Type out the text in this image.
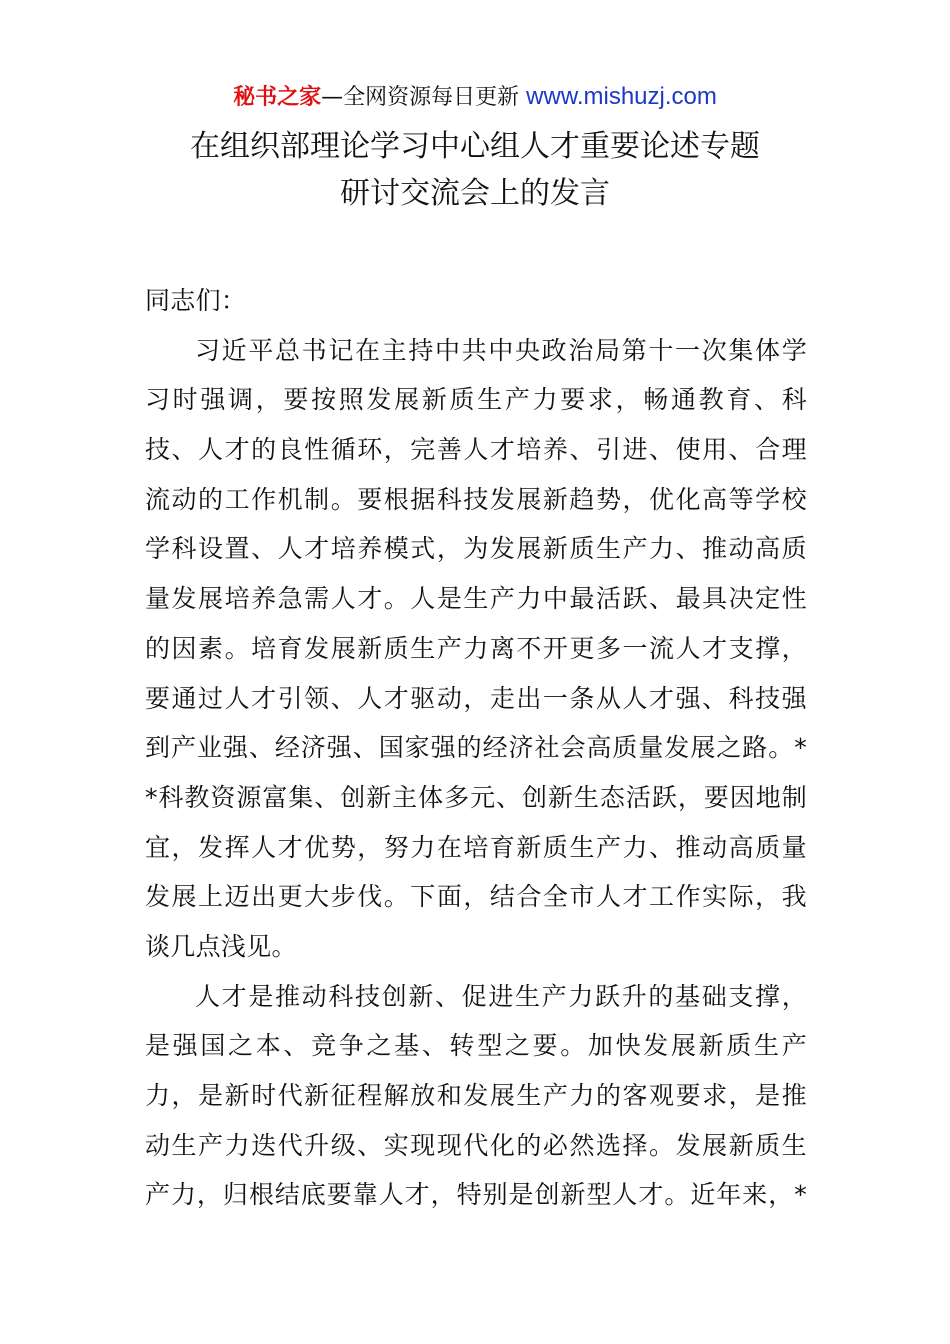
秘书之家—全网资源每日更新 www.mishuzj.com
在组织部理论学习中心组人才重要论述专题
研讨交流会上的发言
同志们：
习近平总书记在主持中共中央政治局第十一次集体学
习时强调，要按照发展新质生产力要求，畅通教育、科
技、人才的良性循环，完善人才培养、引进、使用、合理
流动的工作机制。要根据科技发展新趋势，优化高等学校
学科设置、人才培养模式，为发展新质生产力、推动高质
量发展培养急需人才。人是生产力中最活跃、最具决定性
的因素。培育发展新质生产力离不开更多一流人才支撑，
要通过人才引领、人才驱动，走出一条从人才强、科技强
到产业强、经济强、国家强的经济社会高质量发展之路。*
*科教资源富集、创新主体多元、创新生态活跃，要因地制
宜，发挥人才优势，努力在培育新质生产力、推动高质量
发展上迈出更大步伐。下面，结合全市人才工作实际，我
谈几点浅见。
人才是推动科技创新、促进生产力跃升的基础支撑，
是强国之本、竞争之基、转型之要。加快发展新质生产
力，是新时代新征程解放和发展生产力的客观要求，是推
动生产力迭代升级、实现现代化的必然选择。发展新质生
产力，归根结底要靠人才，特别是创新型人才。近年来，*
